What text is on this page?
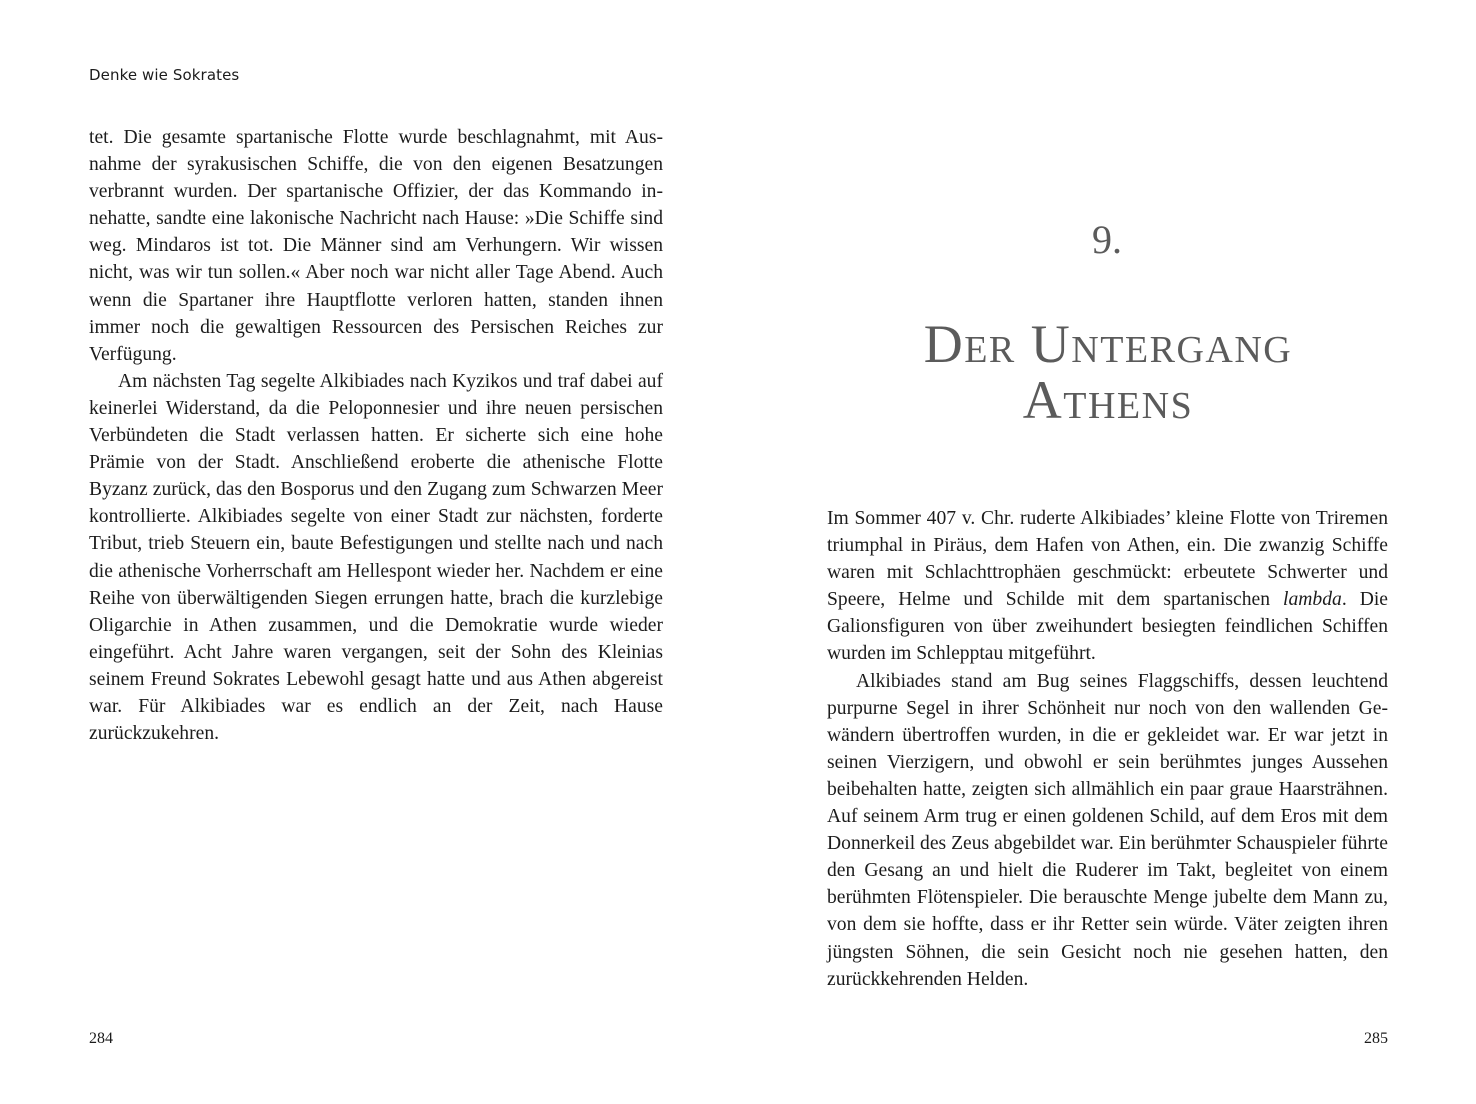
Denke wie Sokrates

tet. Die gesamte spartanische Flotte wurde beschlagnahmt, mit Ausnahme der syrakusischen Schiffe, die von den eigenen Besatzungen verbrannt wurden. Der spartanische Offizier, der das Kommando innehatte, sandte eine lakonische Nachricht nach Hause: »Die Schiffe sind weg. Mindaros ist tot. Die Männer sind am Verhungern. Wir wissen nicht, was wir tun sollen.« Aber noch war nicht aller Tage Abend. Auch wenn die Spartaner ihre Hauptflotte verloren hatten, standen ihnen immer noch die gewaltigen Ressourcen des Persischen Reiches zur Verfügung.

Am nächsten Tag segelte Alkibiades nach Kyzikos und traf dabei auf keinerlei Widerstand, da die Peloponnesier und ihre neuen persischen Verbündeten die Stadt verlassen hatten. Er sicherte sich eine hohe Prämie von der Stadt. Anschließend eroberte die athenische Flotte Byzanz zurück, das den Bosporus und den Zugang zum Schwarzen Meer kontrollierte. Alkibiades segelte von einer Stadt zur nächsten, forderte Tribut, trieb Steuern ein, baute Befestigungen und stellte nach und nach die athenische Vorherrschaft am Hellespont wieder her. Nachdem er eine Reihe von überwältigenden Siegen errungen hatte, brach die kurzlebige Oligarchie in Athen zusammen, und die Demokratie wurde wieder eingeführt. Acht Jahre waren vergangen, seit der Sohn des Kleinias seinem Freund Sokrates Lebewohl gesagt hatte und aus Athen abgereist war. Für Alkibiades war es endlich an der Zeit, nach Hause zurückzukehren.

284
9.
Der Untergang
Athens

Im Sommer 407 v. Chr. ruderte Alkibiades’ kleine Flotte von Triremen triumphal in Piräus, dem Hafen von Athen, ein. Die zwanzig Schiffe waren mit Schlachttrophäen geschmückt: erbeutete Schwerter und Speere, Helme und Schilde mit dem spartanischen lambda. Die Galionsfiguren von über zweihundert besiegten feindlichen Schiffen wurden im Schlepptau mitgeführt.

Alkibiades stand am Bug seines Flaggschiffs, dessen leuchtend purpurne Segel in ihrer Schönheit nur noch von den wallenden Gewändern übertroffen wurden, in die er gekleidet war. Er war jetzt in seinen Vierzigern, und obwohl er sein berühmtes junges Aussehen beibehalten hatte, zeigten sich allmählich ein paar graue Haarsträhnen. Auf seinem Arm trug er einen goldenen Schild, auf dem Eros mit dem Donnerkeil des Zeus abgebildet war. Ein berühmter Schauspieler führte den Gesang an und hielt die Ruderer im Takt, begleitet von einem berühmten Flötenspieler. Die berauschte Menge jubelte dem Mann zu, von dem sie hoffte, dass er ihr Retter sein würde. Väter zeigten ihren jüngsten Söhnen, die sein Gesicht noch nie gesehen hatten, den zurückkehrenden Helden.

285
